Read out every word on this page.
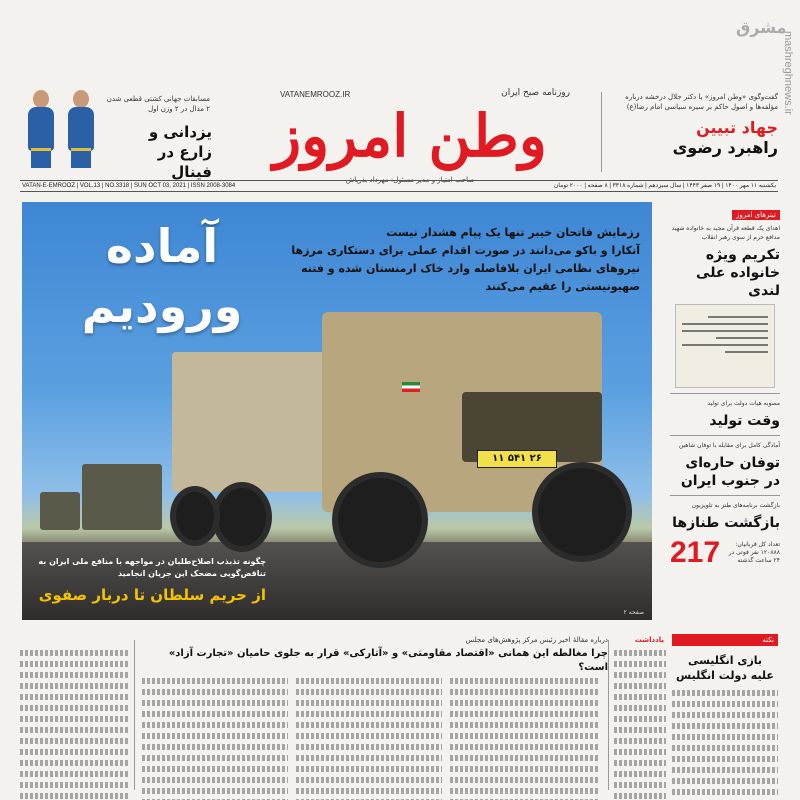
mashreghnews.ir
مشرق
مسابقات جهانی کشتی قطعی شدن ۲ مدال در ۲ وزن اول
یزدانی و زارع در فینال
VATANEMROOZ.IR	روزنامه صبح ایران
وطن امروز
صاحب امتیاز و مدیر مسئول: مهرداد بذرپاش
گفت‌وگوی «وطن امروز» با دکتر جلال درخشه درباره مؤلفه‌ها و اصول حاکم بر سیره سیاسی امام رضا(ع)
جهاد تبیین
راهبرد رضوی
VATAN-E-EMROOZ | VOL.13 | NO.3318 | SUN OCT 03, 2021 | ISSN 2008-3084	یکشنبه ۱۱ مهر ۱۴۰۰ | ۱۹ صفر ۱۴۴۳ | سال سیزدهم | شماره ۳۳۱۸ | ۸ صفحه | ۲۰۰۰ تومان
۲۶ ۵۴۱ ۱۱
آماده
ورودیم
رزمایش فاتحان خیبر تنها یک پیام هشدار نیست
آنکارا و باکو می‌دانند در صورت اقدام عملی برای دستکاری مرزها
نیروهای نظامی ایران بلافاصله وارد خاک ارمنستان شده و فتنه صهیونیستی را عقیم می‌کنند
چگونه تذبذب اصلاح‌طلبان در مواجهه با منافع ملی ایران به تناقض‌گویی مضحک این جریان انجامید
از حریم سلطان تا دربار صفوی
صفحه ۲
تیترهای امروز
اهدای یک قطعه قرآن مجید به خانواده شهید مدافع حرم از سوی رهبر انقلاب
تکریم ویژه خانواده علی لندی
مصوبه هیات دولت برای تولید
وقت تولید
آمادگی کامل برای مقابله با توفان شاهین
توفان حاره‌ای در جنوب ایران
بازگشت برنامه‌های طنز به تلویزیون
بازگشت طنازها
تعداد کل قربانیان: ۱۲۰۸۸۸ نفر فوتی در ۲۴ ساعت گذشته
217
درباره مقالهٔ اخیر رئیس مرکز پژوهش‌های مجلس
چرا مغالطه این همانی «اقتصاد مقاومتی» و «آتارکی» قرار به جلوی حامیان «تجارت آزاد» است؟
یادداشت	نکته
بازی انگلیسی
علیه دولت انگلیس
